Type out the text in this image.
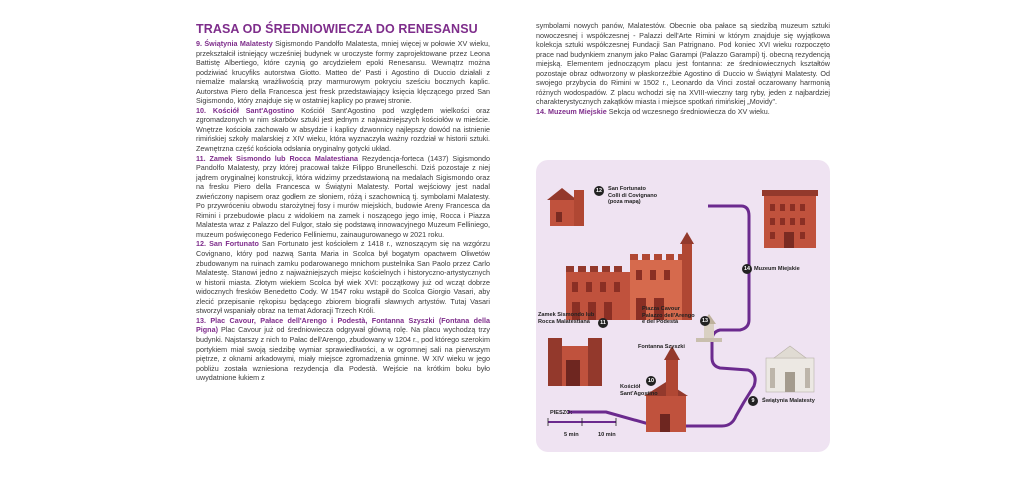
TRASA OD ŚREDNIOWIECZA DO RENESANSU

9. Świątynia Malatesty Sigismondo Pandolfo Malatesta, mniej więcej w połowie XV wieku, przekształcił istniejący wcześniej budynek w uroczyste formy zaprojektowane przez Leona Battistę Albertiego, które czynią go arcydziełem epoki Renesansu. Wewnątrz można podziwiać krucyfiks autorstwa Giotto. Matteo de' Pasti i Agostino di Duccio działali z niemalże malarską wrażliwością przy marmurowym pokryciu sześciu bocznych kaplic. Autorstwa Piero della Francesca jest fresk przedstawiający księcia klęczącego przed San Sigismondo, który znajduje się w ostatniej kaplicy po prawej stronie.

10. Kościół Sant'Agostino Kościół Sant'Agostino pod względem wielkości oraz zgromadzonych w nim skarbów sztuki jest jednym z najważniejszych kościołów w mieście. Wnętrze kościoła zachowało w absydzie i kaplicy dzwonnicy najlepszy dowód na istnienie rimińskiej szkoły malarskiej z XIV wieku, która wyznaczyła ważny rozdział w historii sztuki. Zewnętrzna część kościoła odsłania oryginalny gotycki układ.

11. Zamek Sismondo lub Rocca Malatestiana Rezydencja-forteca (1437) Sigismondo Pandolfo Malatesty, przy której pracował także Filippo Brunelleschi. Dziś pozostaje z niej jądrem oryginalnej konstrukcji, która widzimy przedstawioną na medalach Sigismondo oraz na fresku Piero della Francesca w Świątyni Malatesty. Portal wejściowy jest nadal zwieńczony napisem oraz godłem ze słoniem, różą i szachownicą tj. symbolami Malatesty. Po przywróceniu obwodu starożytnej fosy i murów miejskich, budowie Areny Francesca da Rimini i przebudowie placu z widokiem na zamek i noszącego jego imię, Rocca i Piazza Malatesta wraz z Palazzo del Fulgor, stało się podstawą innowacyjnego Muzeum Felliniego, muzeum poświęconego Federico Felliniemu, zainaugurowanego w 2021 roku.

12. San Fortunato San Fortunato jest kościołem z 1418 r., wznoszącym się na wzgórzu Covignano, który pod nazwą Santa Maria in Scolca był bogatym opactwem Oliwetów zbudowanym na ruinach zamku podarowanego mnichom pustelnika San Paolo przez Carlo Malatestę. Stanowi jedno z najważniejszych miejsc kościelnych i historyczno-artystycznych w historii miasta. Złotym wiekiem Scolca był wiek XVI: początkowy już od wcząt dobrze widocznych fresków Benedetto Cody. W 1547 roku wstąpił do Scolca Giorgio Vasari, aby zlecić przepisanie rękopisu będącego zbiorem biografii sławnych artystów. Tutaj Vasari stworzył wspaniały obraz na temat Adoracji Trzech Króli.

13. Plac Cavour, Pałace dell'Arengo i Podestà, Fontanna Szyszki (Fontana della Pigna) Plac Cavour już od średniowiecza odgrywał główną rolę. Na placu wychodzą trzy budynki. Najstarszy z nich to Pałac dell'Arengo, zbudowany w 1204 r., pod którego szerokim portykiem miał swoją siedzibę wymiar sprawiedliwości, a w ogromnej sali na pierwszym piętrze, z oknami arkadowymi, miały miejsce zgromadzenia gminne. W XIV wieku w jego pobliżu została wzniesiona rezydencja dla Podestà. Wejście na krótkim boku było uwydatnione łukiem z

symbolami nowych panów, Malatestów. Obecnie oba pałace są siedzibą muzeum sztuki nowoczesnej i współczesnej - Palazzi dell'Arte Rimini w którym znajduje się wyjątkowa kolekcja sztuki współczesnej Fundacji San Patrignano. Pod koniec XVI wieku rozpoczęto prace nad budynkiem znanym jako Pałac Garampi (Palazzo Garampi) tj. obecną rezydencją miejską. Elementem jednoczącym placu jest fontanna: ze średniowiecznych kształtów pozostaje obraz odtworzony w płaskorzeźbie Agostino di Duccio w Świątyni Malatesty. Od swojego przybycia do Rimini w 1502 r., Leonardo da Vinci został oczarowany harmonią różnych wodospadów. Z placu wchodzi się na XVIII-wieczny targ ryby, jeden z najbardziej charakterystycznych zakątków miasta i miejsce spotkań rimińskiej „Movidy".

14. Muzeum Miejskie Sekcja od wczesnego średniowiecza do XV wieku.

12	San Fortunato
Colli di Covignano
(poza mapą)
14 Muzeum Miejskie
11
Zamek Sismondo lub
Rocca Malatestiana	13
Piazza Cavour
Palazzo dell'Arengo
e del Podestà
Fontanna Szyszki
10
Kościół
Sant'Agostino
9	Świątynia Malatesty
PIESZO:
5 min	10 min
